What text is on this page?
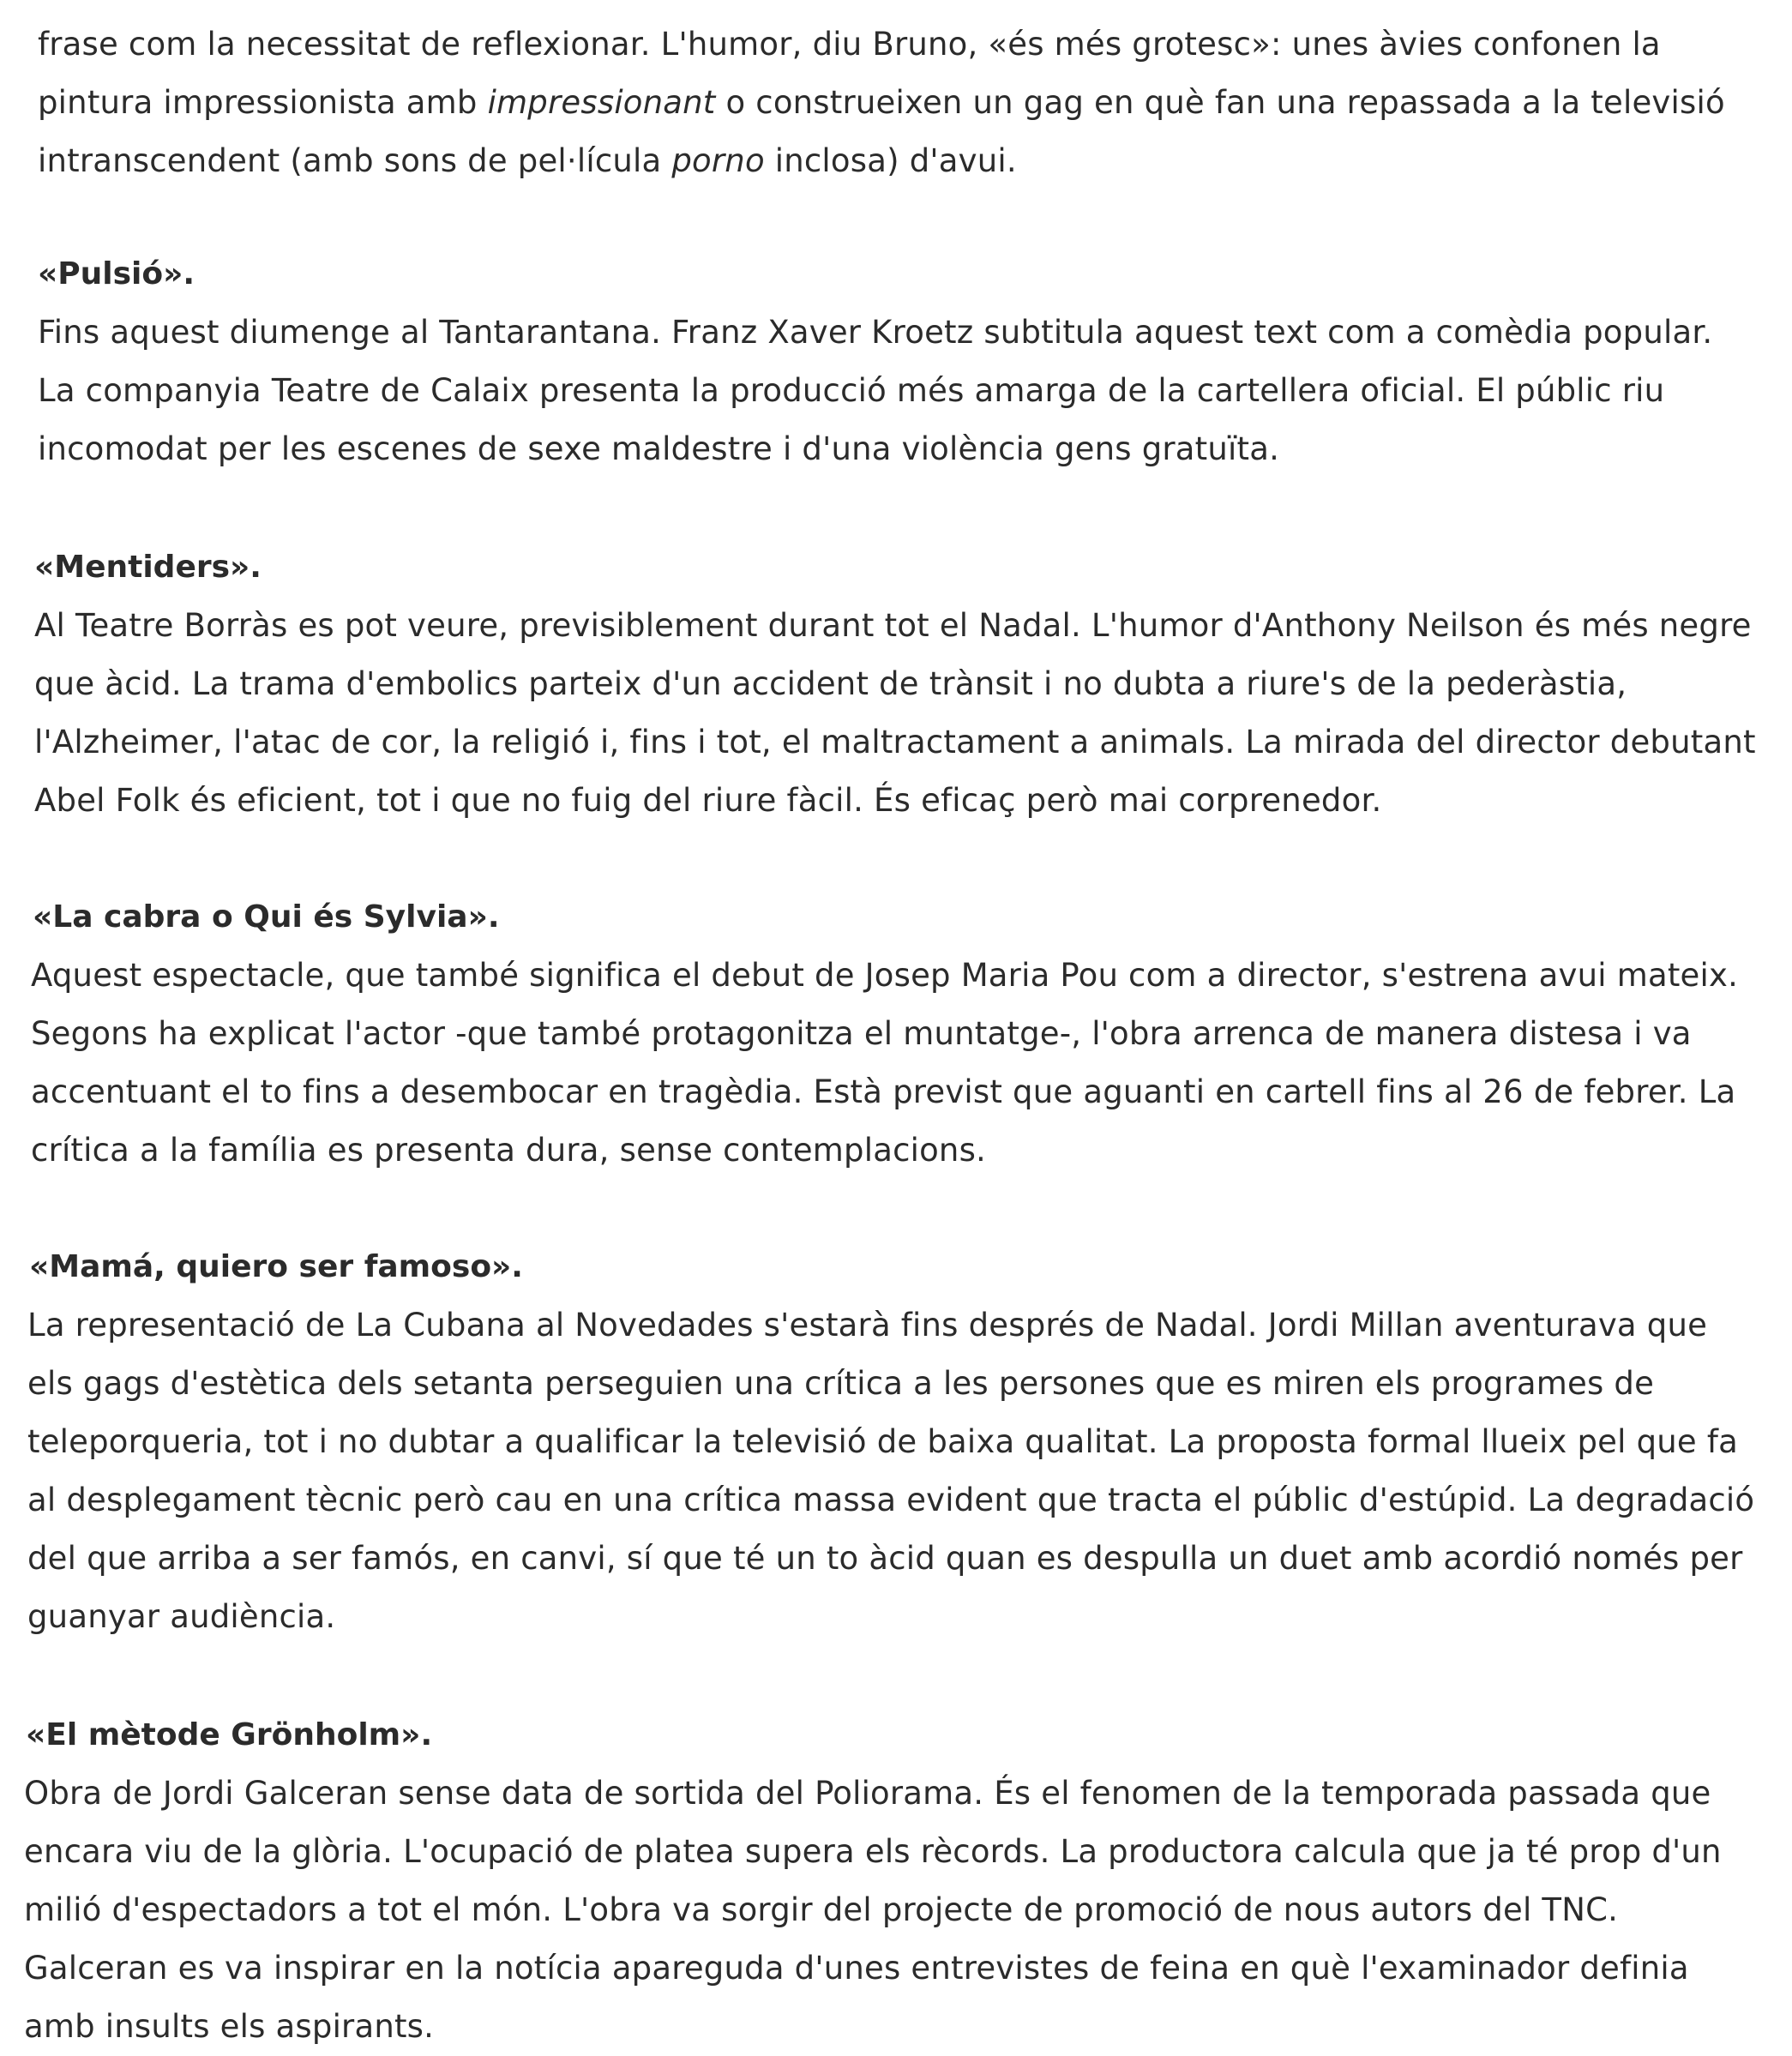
frase com la necessitat de reflexionar. L'humor, diu Bruno, «és més grotesc»: unes àvies confonen la
pintura impressionista amb impressionant o construeixen un gag en què fan una repassada a la televisió
intranscendent (amb sons de pel·lícula porno inclosa) d'avui.
«Pulsió».
Fins aquest diumenge al Tantarantana. Franz Xaver Kroetz subtitula aquest text com a comèdia popular.
La companyia Teatre de Calaix presenta la producció més amarga de la cartellera oficial. El públic riu
incomodat per les escenes de sexe maldestre i d'una violència gens gratuïta.
«Mentiders».
Al Teatre Borràs es pot veure, previsiblement durant tot el Nadal. L'humor d'Anthony Neilson és més negre
que àcid. La trama d'embolics parteix d'un accident de trànsit i no dubta a riure's de la pederàstia,
l'Alzheimer, l'atac de cor, la religió i, fins i tot, el maltractament a animals. La mirada del director debutant
Abel Folk és eficient, tot i que no fuig del riure fàcil. És eficaç però mai corprenedor.
«La cabra o Qui és Sylvia».
Aquest espectacle, que també significa el debut de Josep Maria Pou com a director, s'estrena avui mateix.
Segons ha explicat l'actor -que també protagonitza el muntatge-, l'obra arrenca de manera distesa i va
accentuant el to fins a desembocar en tragèdia. Està previst que aguanti en cartell fins al 26 de febrer. La
crítica a la família es presenta dura, sense contemplacions.
«Mamá, quiero ser famoso».
La representació de La Cubana al Novedades s'estarà fins després de Nadal. Jordi Millan aventurava que
els gags d'estètica dels setanta perseguien una crítica a les persones que es miren els programes de
teleporqueria, tot i no dubtar a qualificar la televisió de baixa qualitat. La proposta formal llueix pel que fa
al desplegament tècnic però cau en una crítica massa evident que tracta el públic d'estúpid. La degradació
del que arriba a ser famós, en canvi, sí que té un to àcid quan es despulla un duet amb acordió només per
guanyar audiència.
«El mètode Grönholm».
Obra de Jordi Galceran sense data de sortida del Poliorama. És el fenomen de la temporada passada que
encara viu de la glòria. L'ocupació de platea supera els rècords. La productora calcula que ja té prop d'un
milió d'espectadors a tot el món. L'obra va sorgir del projecte de promoció de nous autors del TNC.
Galceran es va inspirar en la notícia apareguda d'unes entrevistes de feina en què l'examinador definia
amb insults els aspirants.
